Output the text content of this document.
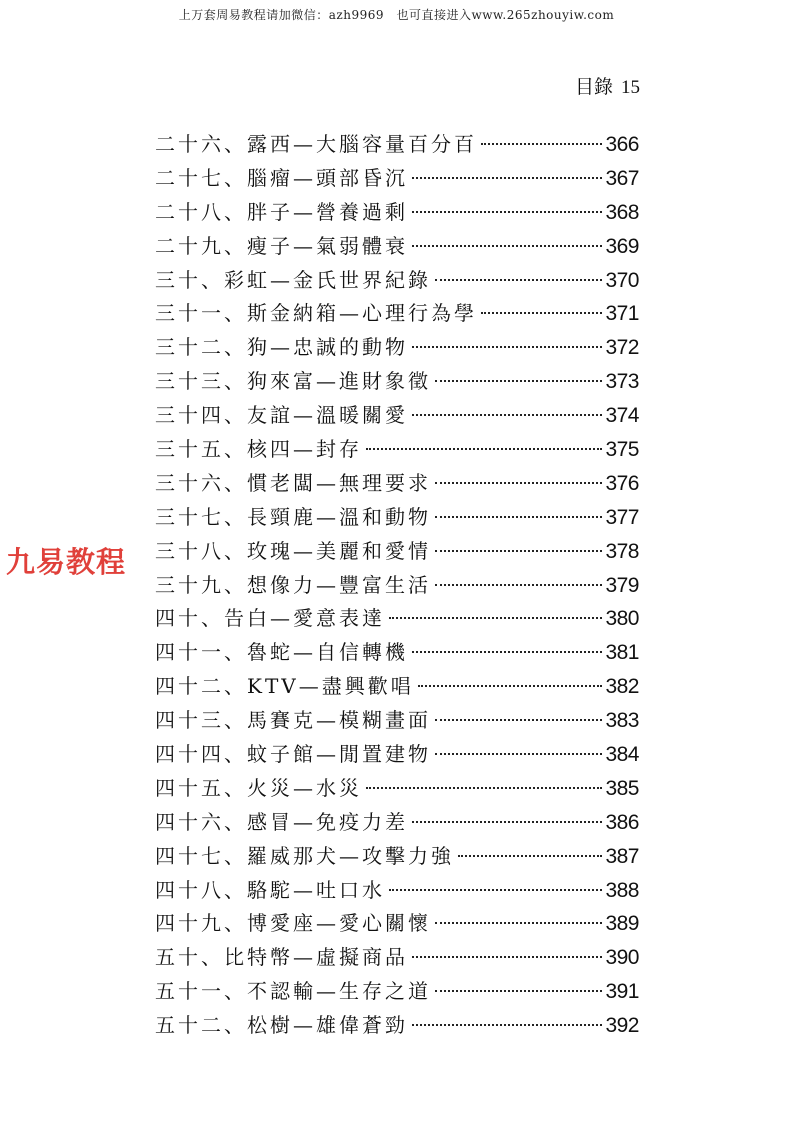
上万套周易教程请加微信：azh9969　也可直接进入www.265zhouyiw.com
目錄 15
九易教程
二十六、露西—大腦容量百分百	366
二十七、腦瘤—頭部昏沉	367
二十八、胖子—營養過剩	368
二十九、瘦子—氣弱體衰	369
三十、彩虹—金氏世界紀錄	370
三十一、斯金納箱—心理行為學	371
三十二、狗—忠誠的動物	372
三十三、狗來富—進財象徵	373
三十四、友誼—溫暖關愛	374
三十五、核四—封存	375
三十六、慣老闆—無理要求	376
三十七、長頸鹿—溫和動物	377
三十八、玫瑰—美麗和愛情	378
三十九、想像力—豐富生活	379
四十、告白—愛意表達	380
四十一、魯蛇—自信轉機	381
四十二、KTV—盡興歡唱	382
四十三、馬賽克—模糊畫面	383
四十四、蚊子館—閒置建物	384
四十五、火災—水災	385
四十六、感冒—免疫力差	386
四十七、羅威那犬—攻擊力強	387
四十八、駱駝—吐口水	388
四十九、博愛座—愛心關懷	389
五十、比特幣—虛擬商品	390
五十一、不認輸—生存之道	391
五十二、松樹—雄偉蒼勁	392
